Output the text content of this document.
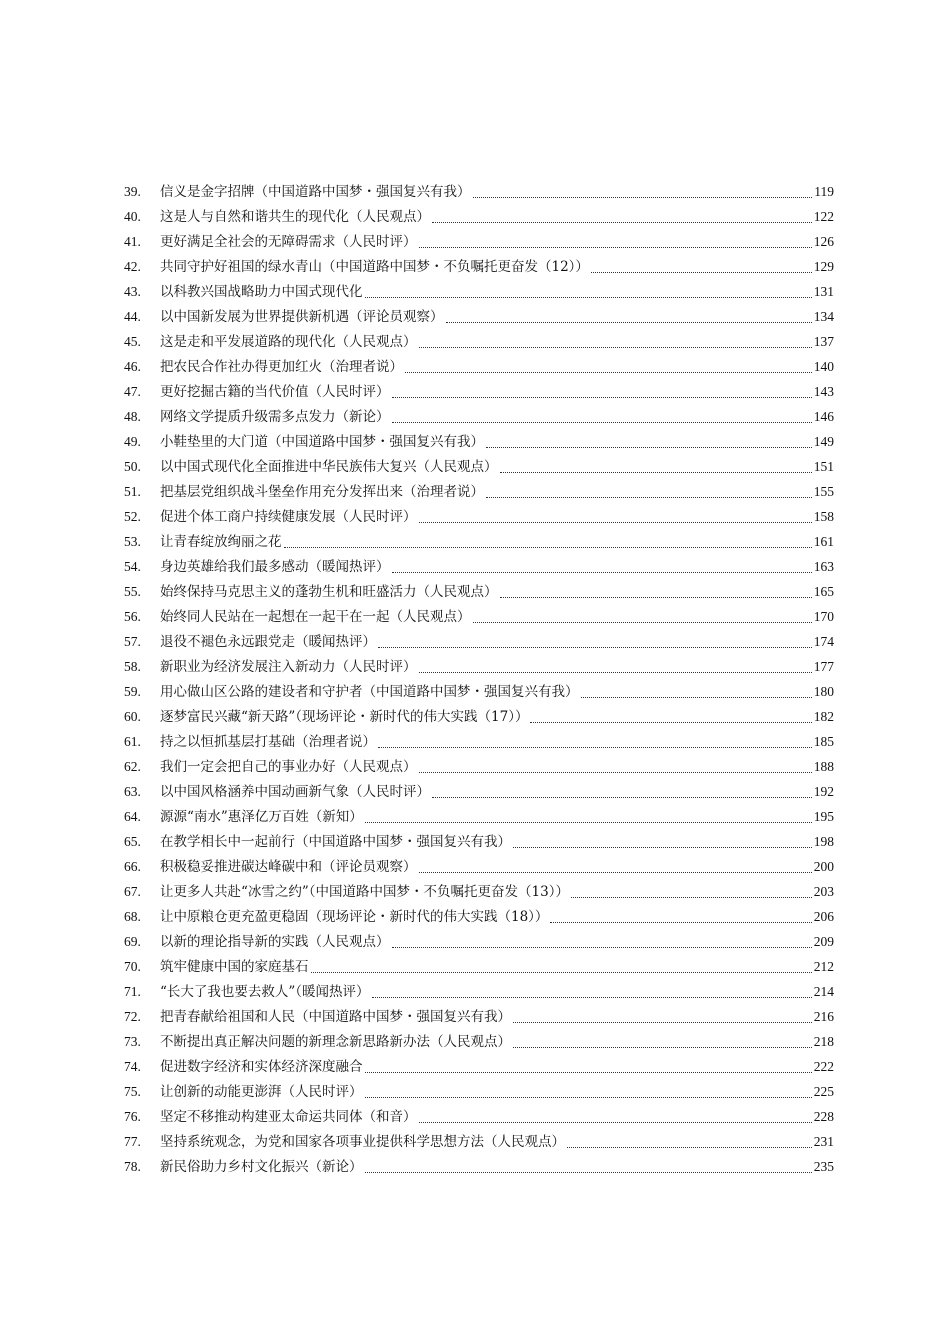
39.	信义是金字招牌（中国道路中国梦・强国复兴有我）	119
40.	这是人与自然和谐共生的现代化（人民观点）	122
41.	更好满足全社会的无障碍需求（人民时评）	126
42.	共同守护好祖国的绿水青山（中国道路中国梦・不负嘱托更奋发（12））	129
43.	以科教兴国战略助力中国式现代化	131
44.	以中国新发展为世界提供新机遇（评论员观察）	134
45.	这是走和平发展道路的现代化（人民观点）	137
46.	把农民合作社办得更加红火（治理者说）	140
47.	更好挖掘古籍的当代价值（人民时评）	143
48.	网络文学提质升级需多点发力（新论）	146
49.	小鞋垫里的大门道（中国道路中国梦・强国复兴有我）	149
50.	以中国式现代化全面推进中华民族伟大复兴（人民观点）	151
51.	把基层党组织战斗堡垒作用充分发挥出来（治理者说）	155
52.	促进个体工商户持续健康发展（人民时评）	158
53.	让青春绽放绚丽之花	161
54.	身边英雄给我们最多感动（暖闻热评）	163
55.	始终保持马克思主义的蓬勃生机和旺盛活力（人民观点）	165
56.	始终同人民站在一起想在一起干在一起（人民观点）	170
57.	退役不褪色永远跟党走（暖闻热评）	174
58.	新职业为经济发展注入新动力（人民时评）	177
59.	用心做山区公路的建设者和守护者（中国道路中国梦・强国复兴有我）	180
60.	逐梦富民兴藏“新天路”（现场评论・新时代的伟大实践（17））	182
61.	持之以恒抓基层打基础（治理者说）	185
62.	我们一定会把自己的事业办好（人民观点）	188
63.	以中国风格涵养中国动画新气象（人民时评）	192
64.	源源“南水”惠泽亿万百姓（新知）	195
65.	在教学相长中一起前行（中国道路中国梦・强国复兴有我）	198
66.	积极稳妥推进碳达峰碳中和（评论员观察）	200
67.	让更多人共赴“冰雪之约”（中国道路中国梦・不负嘱托更奋发（13））	203
68.	让中原粮仓更充盈更稳固（现场评论・新时代的伟大实践（18））	206
69.	以新的理论指导新的实践（人民观点）	209
70.	筑牢健康中国的家庭基石	212
71.	“长大了我也要去救人”（暖闻热评）	214
72.	把青春献给祖国和人民（中国道路中国梦・强国复兴有我）	216
73.	不断提出真正解决问题的新理念新思路新办法（人民观点）	218
74.	促进数字经济和实体经济深度融合	222
75.	让创新的动能更澎湃（人民时评）	225
76.	坚定不移推动构建亚太命运共同体（和音）	228
77.	坚持系统观念，为党和国家各项事业提供科学思想方法（人民观点）	231
78.	新民俗助力乡村文化振兴（新论）	235
